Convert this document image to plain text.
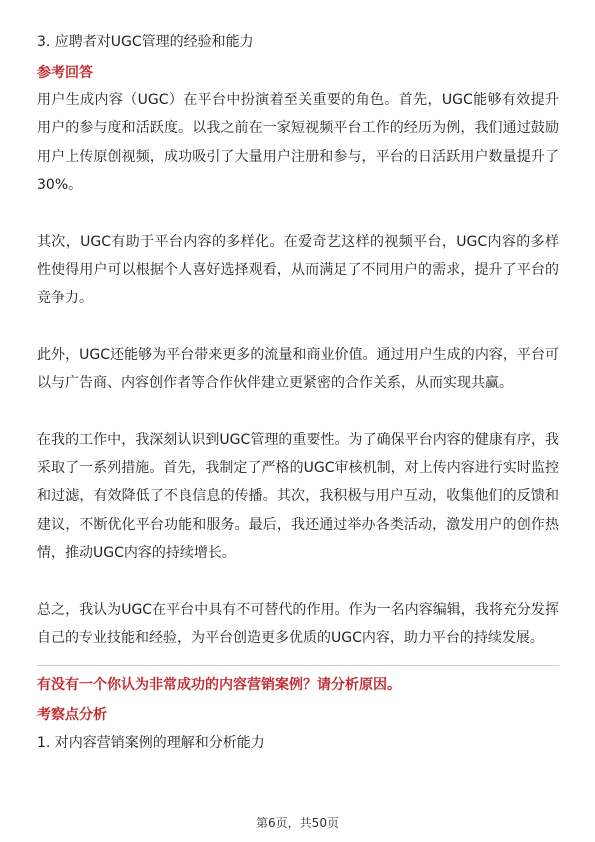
3. 应聘者对UGC管理的经验和能力

参考回答

用户生成内容（UGC）在平台中扮演着至关重要的角色。首先，UGC能够有效提升用户的参与度和活跃度。以我之前在一家短视频平台工作的经历为例，我们通过鼓励用户上传原创视频，成功吸引了大量用户注册和参与，平台的日活跃用户数量提升了30%。

其次，UGC有助于平台内容的多样化。在爱奇艺这样的视频平台，UGC内容的多样性使得用户可以根据个人喜好选择观看，从而满足了不同用户的需求，提升了平台的竞争力。

此外，UGC还能够为平台带来更多的流量和商业价值。通过用户生成的内容，平台可以与广告商、内容创作者等合作伙伴建立更紧密的合作关系，从而实现共赢。

在我的工作中，我深刻认识到UGC管理的重要性。为了确保平台内容的健康有序，我采取了一系列措施。首先，我制定了严格的UGC审核机制，对上传内容进行实时监控和过滤，有效降低了不良信息的传播。其次，我积极与用户互动，收集他们的反馈和建议，不断优化平台功能和服务。最后，我还通过举办各类活动，激发用户的创作热情，推动UGC内容的持续增长。

总之，我认为UGC在平台中具有不可替代的作用。作为一名内容编辑，我将充分发挥自己的专业技能和经验，为平台创造更多优质的UGC内容，助力平台的持续发展。

有没有一个你认为非常成功的内容营销案例？请分析原因。

考察点分析

1. 对内容营销案例的理解和分析能力

第6页，共50页
